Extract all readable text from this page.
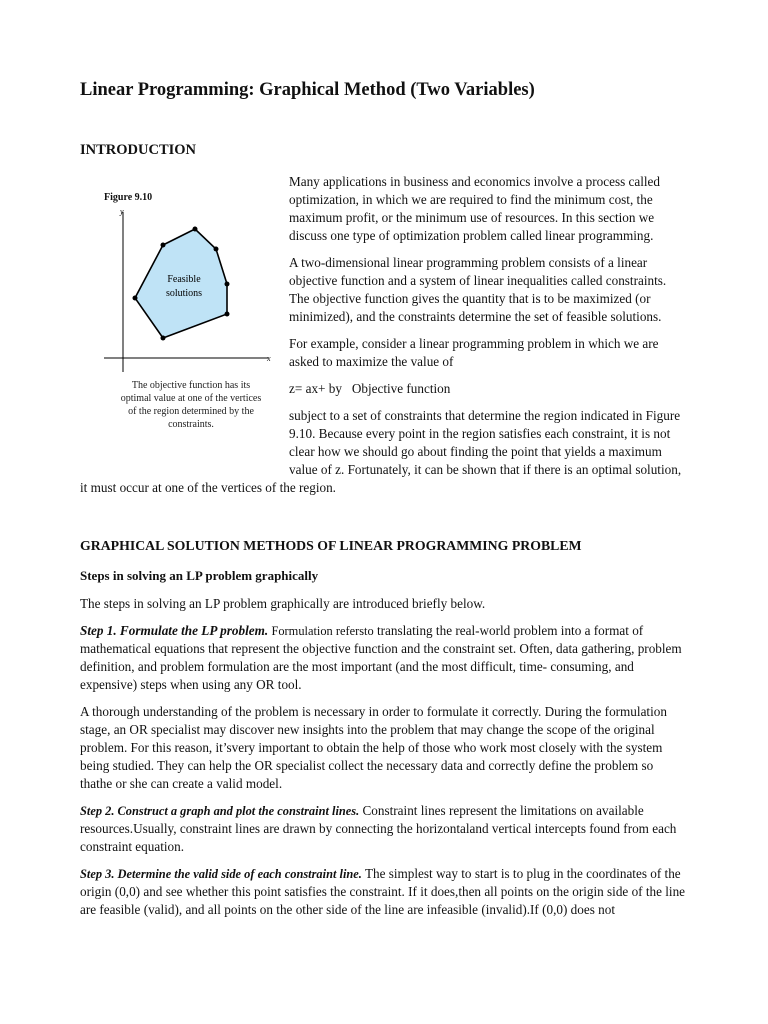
Linear Programming: Graphical Method (Two Variables)
INTRODUCTION
y
x
Feasible
solutions
Figure 9.10
The objective function has its
optimal value at one of the vertices
of the region determined by the
constraints.

Many applications in business and economics involve a process called optimization, in which we are required to find the minimum cost, the maximum profit, or the minimum use of resources. In this section we discuss one type of optimization problem called linear programming.

A two-dimensional linear programming problem consists of a linear objective function and a system of linear inequalities called constraints. The objective function gives the quantity that is to be maximized (or minimized), and the constraints determine the set of feasible solutions.

For example, consider a linear programming problem in which we are asked to maximize the value of

z= ax+ by   Objective function

subject to a set of constraints that determine the region indicated in Figure 9.10. Because every point in the region satisfies each constraint, it is not clear how we should go about finding the point that yields a maximum value of z. Fortunately, it can be shown that if there is an optimal solution, it must occur at one of the vertices of the region.

GRAPHICAL SOLUTION METHODS OF LINEAR PROGRAMMING PROBLEM
Steps in solving an LP problem graphically

The steps in solving an LP problem graphically are introduced briefly below.

Step 1. Formulate the LP problem. Formulation refersto translating the real-world problem into a format of mathematical equations that represent the objective function and the constraint set. Often, data gathering, problem definition, and problem formulation are the most important (and the most difficult, time- consuming, and expensive) steps when using any OR tool.

A thorough understanding of the problem is necessary in order to formulate it correctly. During the formulation stage, an OR specialist may discover new insights into the problem that may change the scope of the original problem. For this reason, it’svery important to obtain the help of those who work most closely with the system being studied. They can help the OR specialist collect the necessary data and correctly define the problem so thathe or she can create a valid model.

Step 2. Construct a graph and plot the constraint lines. Constraint lines represent the limitations on available resources.Usually, constraint lines are drawn by connecting the horizontaland vertical intercepts found from each constraint equation.

Step 3. Determine the valid side of each constraint line. The simplest way to start is to plug in the coordinates of the origin (0,0) and see whether this point satisfies the constraint. If it does,then all points on the origin side of the line are feasible (valid), and all points on the other side of the line are infeasible (invalid).If (0,0) does not
